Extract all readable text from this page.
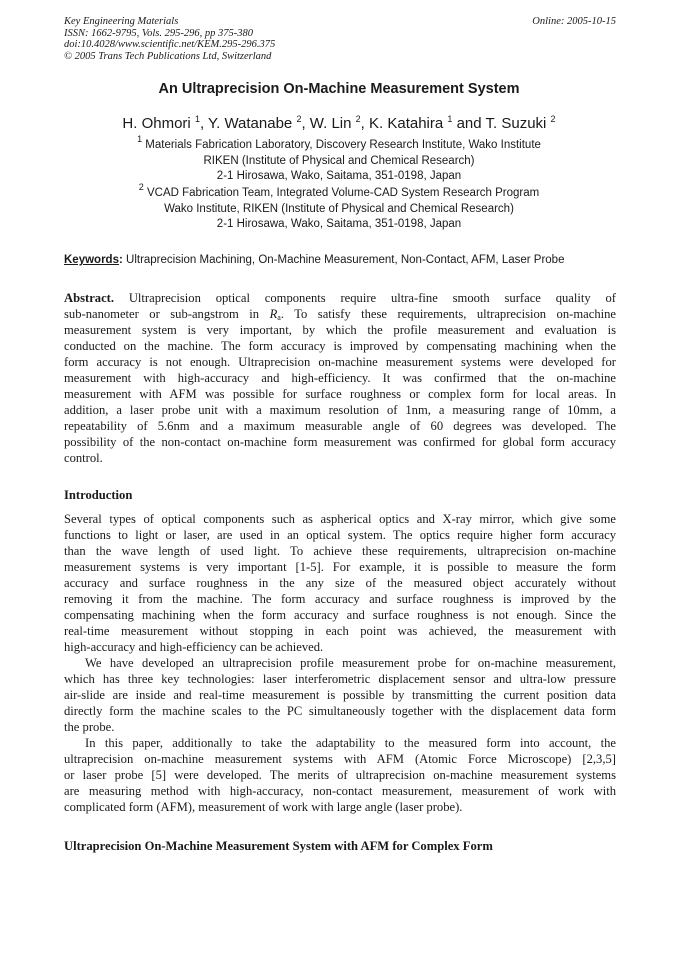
Key Engineering Materials
ISSN: 1662-9795, Vols. 295-296, pp 375-380
doi:10.4028/www.scientific.net/KEM.295-296.375
© 2005 Trans Tech Publications Ltd, Switzerland
Online: 2005-10-15
An Ultraprecision On-Machine Measurement System
H. Ohmori $^1$, Y. Watanabe $^2$, W. Lin $^2$, K. Katahira $^1$ and T. Suzuki $^2$
$^1$ Materials Fabrication Laboratory, Discovery Research Institute, Wako Institute
RIKEN (Institute of Physical and Chemical Research)
2-1 Hirosawa, Wako, Saitama, 351-0198, Japan
$^2$ VCAD Fabrication Team, Integrated Volume-CAD System Research Program
Wako Institute, RIKEN (Institute of Physical and Chemical Research)
2-1 Hirosawa, Wako, Saitama, 351-0198, Japan
Keywords: Ultraprecision Machining, On-Machine Measurement, Non-Contact, AFM, Laser Probe
Abstract. Ultraprecision optical components require ultra-fine smooth surface quality of
sub-nanometer or sub-angstrom in $R_a$. To satisfy these requirements, ultraprecision on-machine
measurement system is very important, by which the profile measurement and evaluation is
conducted on the machine. The form accuracy is improved by compensating machining when the
form accuracy is not enough. Ultraprecision on-machine measurement systems were developed for
measurement with high-accuracy and high-efficiency. It was confirmed that the on-machine
measurement with AFM was possible for surface roughness or complex form for local areas. In
addition, a laser probe unit with a maximum resolution of 1nm, a measuring range of 10mm, a
repeatability of 5.6nm and a maximum measurable angle of 60 degrees was developed. The
possibility of the non-contact on-machine form measurement was confirmed for global form accuracy
control.
Introduction
Several types of optical components such as aspherical optics and X-ray mirror, which give some
functions to light or laser, are used in an optical system. The optics require higher form accuracy
than the wave length of used light. To achieve these requirements, ultraprecision on-machine
measurement systems is very important [1-5]. For example, it is possible to measure the form
accuracy and surface roughness in the any size of the measured object accurately without
removing it from the machine. The form accuracy and surface roughness is improved by the
compensating machining when the form accuracy and surface roughness is not enough. Since the
real-time measurement without stopping in each point was achieved, the measurement with
high-accuracy and high-efficiency can be achieved.
We have developed an ultraprecision profile measurement probe for on-machine measurement,
which has three key technologies: laser interferometric displacement sensor and ultra-low pressure
air-slide are inside and real-time measurement is possible by transmitting the current position data
directly form the machine scales to the PC simultaneously together with the displacement data form
the probe.
In this paper, additionally to take the adaptability to the measured form into account, the
ultraprecision on-machine measurement systems with AFM (Atomic Force Microscope) [2,3,5]
or laser probe [5] were developed. The merits of ultraprecision on-machine measurement systems
are measuring method with high-accuracy, non-contact measurement, measurement of work with
complicated form (AFM), measurement of work with large angle (laser probe).
Ultraprecision On-Machine Measurement System with AFM for Complex Form
